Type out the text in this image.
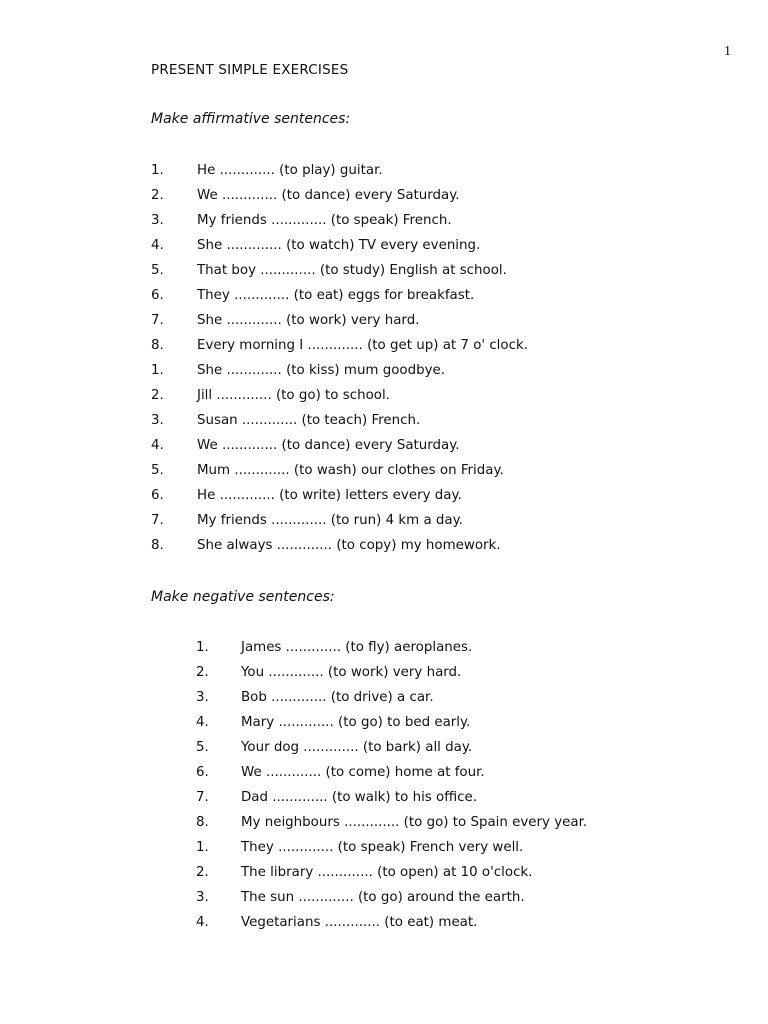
1
PRESENT SIMPLE EXERCISES
Make affirmative sentences:
1. He ............. (to play) guitar.
2. We ............. (to dance) every Saturday.
3. My friends ............. (to speak) French.
4. She ............. (to watch) TV every evening.
5. That boy ............. (to study) English at school.
6. They ............. (to eat) eggs for breakfast.
7. She ............. (to work) very hard.
8. Every morning I ............. (to get up) at 7 o' clock.
1. She ............. (to kiss) mum goodbye.
2. Jill ............. (to go) to school.
3. Susan ............. (to teach) French.
4. We ............. (to dance) every Saturday.
5. Mum ............. (to wash) our clothes on Friday.
6. He ............. (to write) letters every day.
7. My friends ............. (to run) 4 km a day.
8. She always ............. (to copy) my homework.
Make negative sentences:
1. James ............. (to fly) aeroplanes.
2. You ............. (to work) very hard.
3. Bob ............. (to drive) a car.
4. Mary ............. (to go) to bed early.
5. Your dog ............. (to bark) all day.
6. We ............. (to come) home at four.
7. Dad ............. (to walk) to his office.
8. My neighbours ............. (to go) to Spain every year.
1. They ............. (to speak) French very well.
2. The library ............. (to open) at 10 o'clock.
3. The sun ............. (to go) around the earth.
4. Vegetarians ............. (to eat) meat.
